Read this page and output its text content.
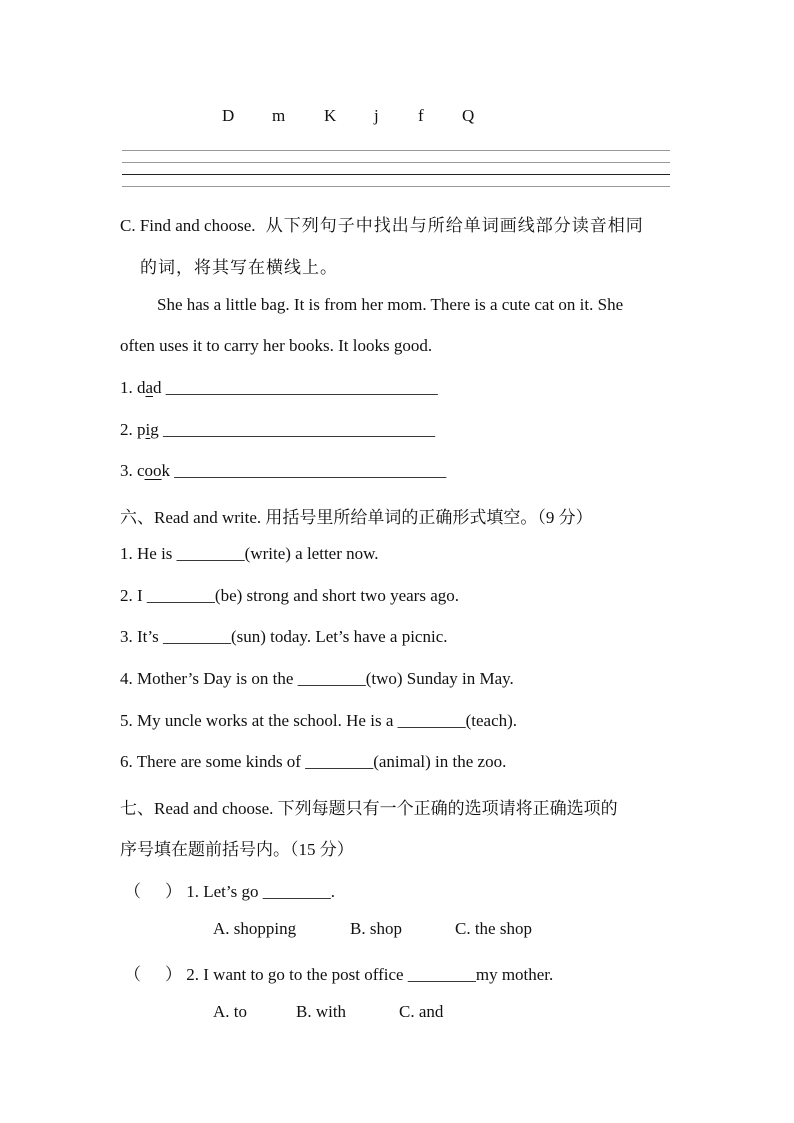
D m K j f Q
C. Find and choose. 从下列句子中找出与所给单词画线部分读音相同
的词，将其写在横线上。
She has a little bag. It is from her mom. There is a cute cat on it. She
often uses it to carry her books. It looks good.
1. dad ________________________________
2. pig ________________________________
3. cook ________________________________
六、Read and write. 用括号里所给单词的正确形式填空。（9 分）
1. He is ________(write) a letter now.
2. I ________(be) strong and short two years ago.
3. It’s ________(sun) today. Let’s have a picnic.
4. Mother’s Day is on the ________(two) Sunday in May.
5. My uncle works at the school. He is a ________(teach).
6. There are some kinds of ________(animal) in the zoo.
七、Read and choose. 下列每题只有一个正确的选项请将正确选项的
序号填在题前括号内。（15 分）
（ ） 1. Let’s go ________.
A. shopping	B. shop	C. the shop
（ ） 2. I want to go to the post office ________my mother.
A. to	B. with	C. and
